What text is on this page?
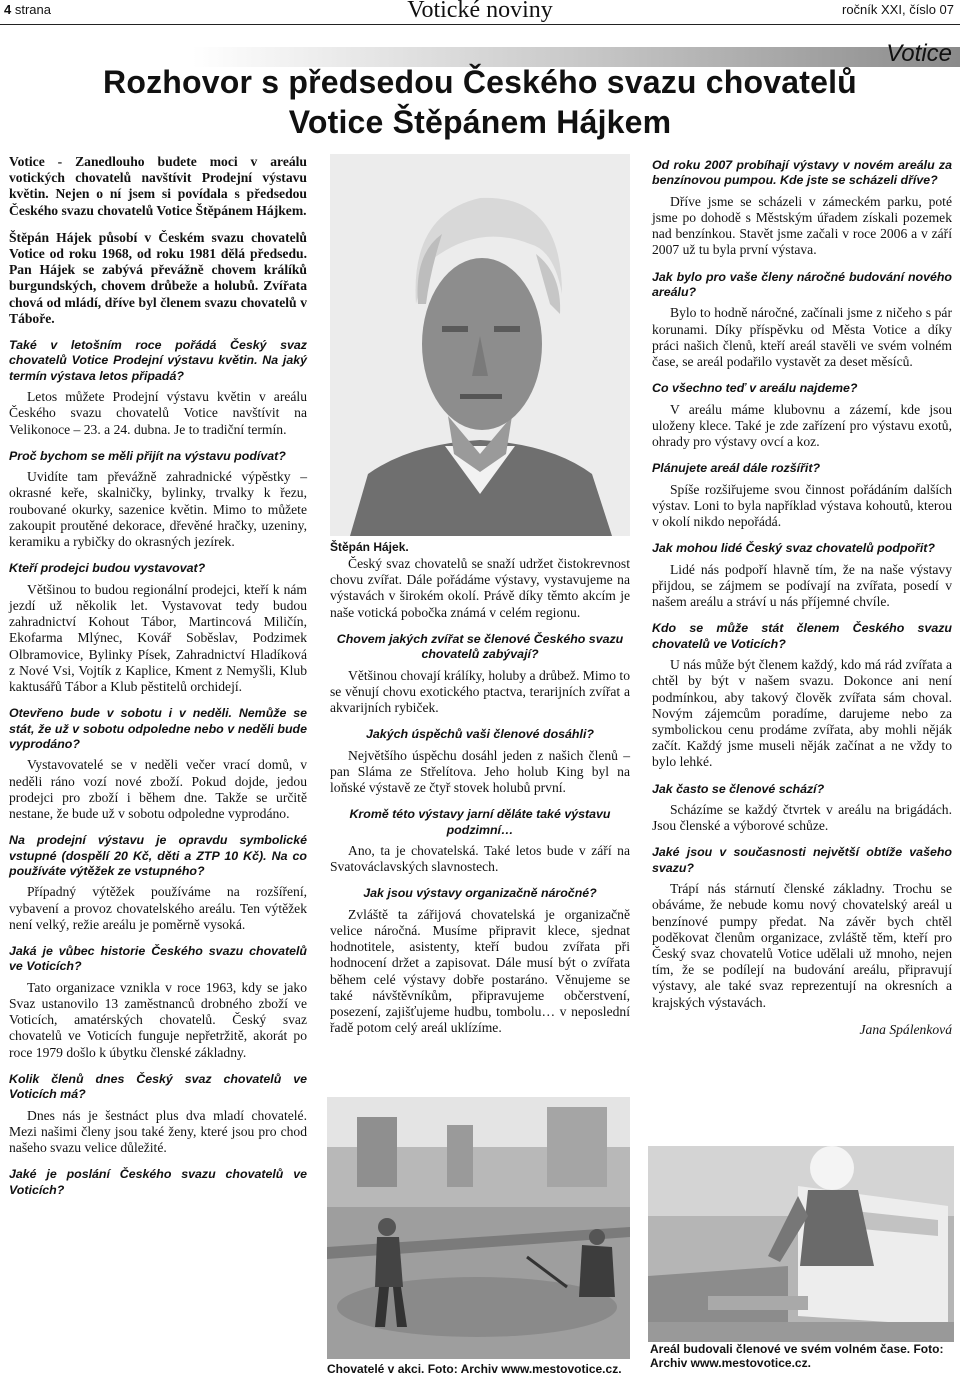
4 strana	Votické noviny	ročník XXI, číslo 07
Votice
Rozhovor s předsedou Českého svazu chovatelů
Votice Štěpánem Hájkem

Votice - Zanedlouho budete moci v areálu votických chovatelů navštívit Prodejní výstavu květin. Nejen o ní jsem si povídala s předsedou Českého svazu chovatelů Votice Štěpánem Hájkem.

Štěpán Hájek působí v Českém svazu chovatelů Votice od roku 1968, od roku 1981 dělá předsedu. Pan Hájek se zabývá převážně chovem králíků burgundských, chovem drůbeže a holubů. Zvířata chová od mládí, dříve byl členem svazu chovatelů v Táboře.

Také v letošním roce pořádá Český svaz chovatelů Votice Prodejní výstavu květin. Na jaký termín výstava letos připadá?

Letos můžete Prodejní výstavu květin v areálu Českého svazu chovatelů Votice navštívit na Velikonoce – 23. a 24. dubna. Je to tradiční termín.

Proč bychom se měli přijít na výstavu podívat?

Uvidíte tam převážně zahradnické výpěstky – okrasné keře, skalničky, bylinky, trvalky k řezu, roubované okurky, sazenice květin. Mimo to můžete zakoupit proutěné dekorace, dřevěné hračky, uzeniny, keramiku a rybičky do okrasných jezírek.

Kteří prodejci budou vystavovat?

Většinou to budou regionální prodejci, kteří k nám jezdí už několik let. Vystavovat tedy budou zahradnictví Kohout Tábor, Martincová Miličín, Ekofarma Mlýnec, Kovář Soběslav, Podzimek Olbramovice, Bylinky Písek, Zahradnictví Hladíková z Nové Vsi, Vojtík z Kaplice, Kment z Nemyšli, Klub kaktusářů Tábor a Klub pěstitelů orchidejí.

Otevřeno bude v sobotu i v neděli. Nemůže se stát, že už v sobotu odpoledne nebo v neděli bude vyprodáno?

Vystavovatelé se v neděli večer vrací domů, v neděli ráno vozí nové zboží. Pokud dojde, jedou prodejci pro zboží i během dne. Takže se určitě nestane, že bude už v sobotu odpoledne vyprodáno.

Na prodejní výstavu je opravdu symbolické vstupné (dospělí 20 Kč, děti a ZTP 10 Kč). Na co používáte výtěžek ze vstupného?

Případný výtěžek používáme na rozšíření, vybavení a provoz chovatelského areálu. Ten výtěžek není velký, režie areálu je poměrně vysoká.

Jaká je vůbec historie Českého svazu chovatelů ve Voticích?

Tato organizace vznikla v roce 1963, kdy se jako Svaz ustanovilo 13 zaměstnanců drobného zboží ve Voticích, amatérských chovatelů. Český svaz chovatelů ve Voticích funguje nepřetržitě, akorát po roce 1979 došlo k úbytku členské základny.

Kolik členů dnes Český svaz chovatelů ve Voticích má?

Dnes nás je šestnáct plus dva mladí chovatelé. Mezi našimi členy jsou také ženy, které jsou pro chod našeho svazu velice důležité.

Jaké je poslání Českého svazu chovatelů ve Voticích?

Štěpán Hájek.

Český svaz chovatelů se snaží udržet čistokrevnost chovu zvířat. Dále pořádáme výstavy, vystavujeme na výstavách v širokém okolí. Právě díky těmto akcím je naše votická pobočka známá v celém regionu.

Chovem jakých zvířat se členové Českého svazu chovatelů zabývají?

Většinou chovají králíky, holuby a drůbež. Mimo to se věnují chovu exotického ptactva, terarijních zvířat a akvarijních rybiček.

Jakých úspěchů vaši členové dosáhli?

Největšího úspěchu dosáhl jeden z našich členů – pan Sláma ze Střelítova. Jeho holub King byl na loňské výstavě ze čtyř stovek holubů první.

Kromě této výstavy jarní děláte také výstavu podzimní…

Ano, ta je chovatelská. Také letos bude v září na Svatováclavských slavnostech.

Jak jsou výstavy organizačně náročné?

Zvláště ta zářijová chovatelská je organizačně velice náročná. Musíme připravit klece, sjednat hodnotitele, asistenty, kteří budou zvířata při hodnocení držet a zapisovat. Dále musí být o zvířata během celé výstavy dobře postaráno. Věnujeme se také návštěvníkům, připravujeme občerstvení, posezení, zajišťujeme hudbu, tombolu… v neposlední řadě potom celý areál uklízíme.

Chovatelé v akci. Foto: Archiv www.mestovotice.cz.

Od roku 2007 probíhají výstavy v novém areálu za benzínovou pumpou. Kde jste se scházeli dříve?

Dříve jsme se scházeli v zámeckém parku, poté jsme po dohodě s Městským úřadem získali pozemek nad benzínkou. Stavět jsme začali v roce 2006 a v září 2007 už tu byla první výstava.

Jak bylo pro vaše členy náročné budování nového areálu?

Bylo to hodně náročné, začínali jsme z ničeho s pár korunami. Díky příspěvku od Města Votice a díky práci našich členů, kteří areál stavěli ve svém volném čase, se areál podařilo vystavět za deset měsíců.

Co všechno teď v areálu najdeme?

V areálu máme klubovnu a zázemí, kde jsou uloženy klece. Také je zde zařízení pro výstavu exotů, ohrady pro výstavy ovcí a koz.

Plánujete areál dále rozšířit?

Spíše rozšiřujeme svou činnost pořádáním dalších výstav. Loni to byla například výstava kohoutů, kterou v okolí nikdo nepořádá.

Jak mohou lidé Český svaz chovatelů podpořit?

Lidé nás podpoří hlavně tím, že na naše výstavy přijdou, se zájmem se podívají na zvířata, posedí v našem areálu a stráví u nás příjemné chvíle.

Kdo se může stát členem Českého svazu chovatelů ve Voticích?

U nás může být členem každý, kdo má rád zvířata a chtěl by být v našem svazu. Dokonce ani není podmínkou, aby takový člověk zvířata sám choval. Novým zájemcům poradíme, darujeme nebo za symbolickou cenu prodáme zvířata, aby mohli něják začít. Každý jsme museli něják začínat a ne vždy to bylo lehké.

Jak často se členové schází?

Scházíme se každý čtvrtek v areálu na brigádách. Jsou členské a výborové schůze.

Jaké jsou v současnosti největší obtíže vašeho svazu?

Trápí nás stárnutí členské základny. Trochu se obáváme, že nebude komu nový chovatelský areál u benzínové pumpy předat. Na závěr bych chtěl poděkovat členům organizace, zvláště těm, kteří pro Český svaz chovatelů Votice udělali už mnoho, nejen tím, že se podílejí na budování areálu, připravují výstavy, ale také svaz reprezentují na okresních a krajských výstavách.

Jana Spálenková

Areál budovali členové ve svém volném čase. Foto: Archiv www.mestovotice.cz.
